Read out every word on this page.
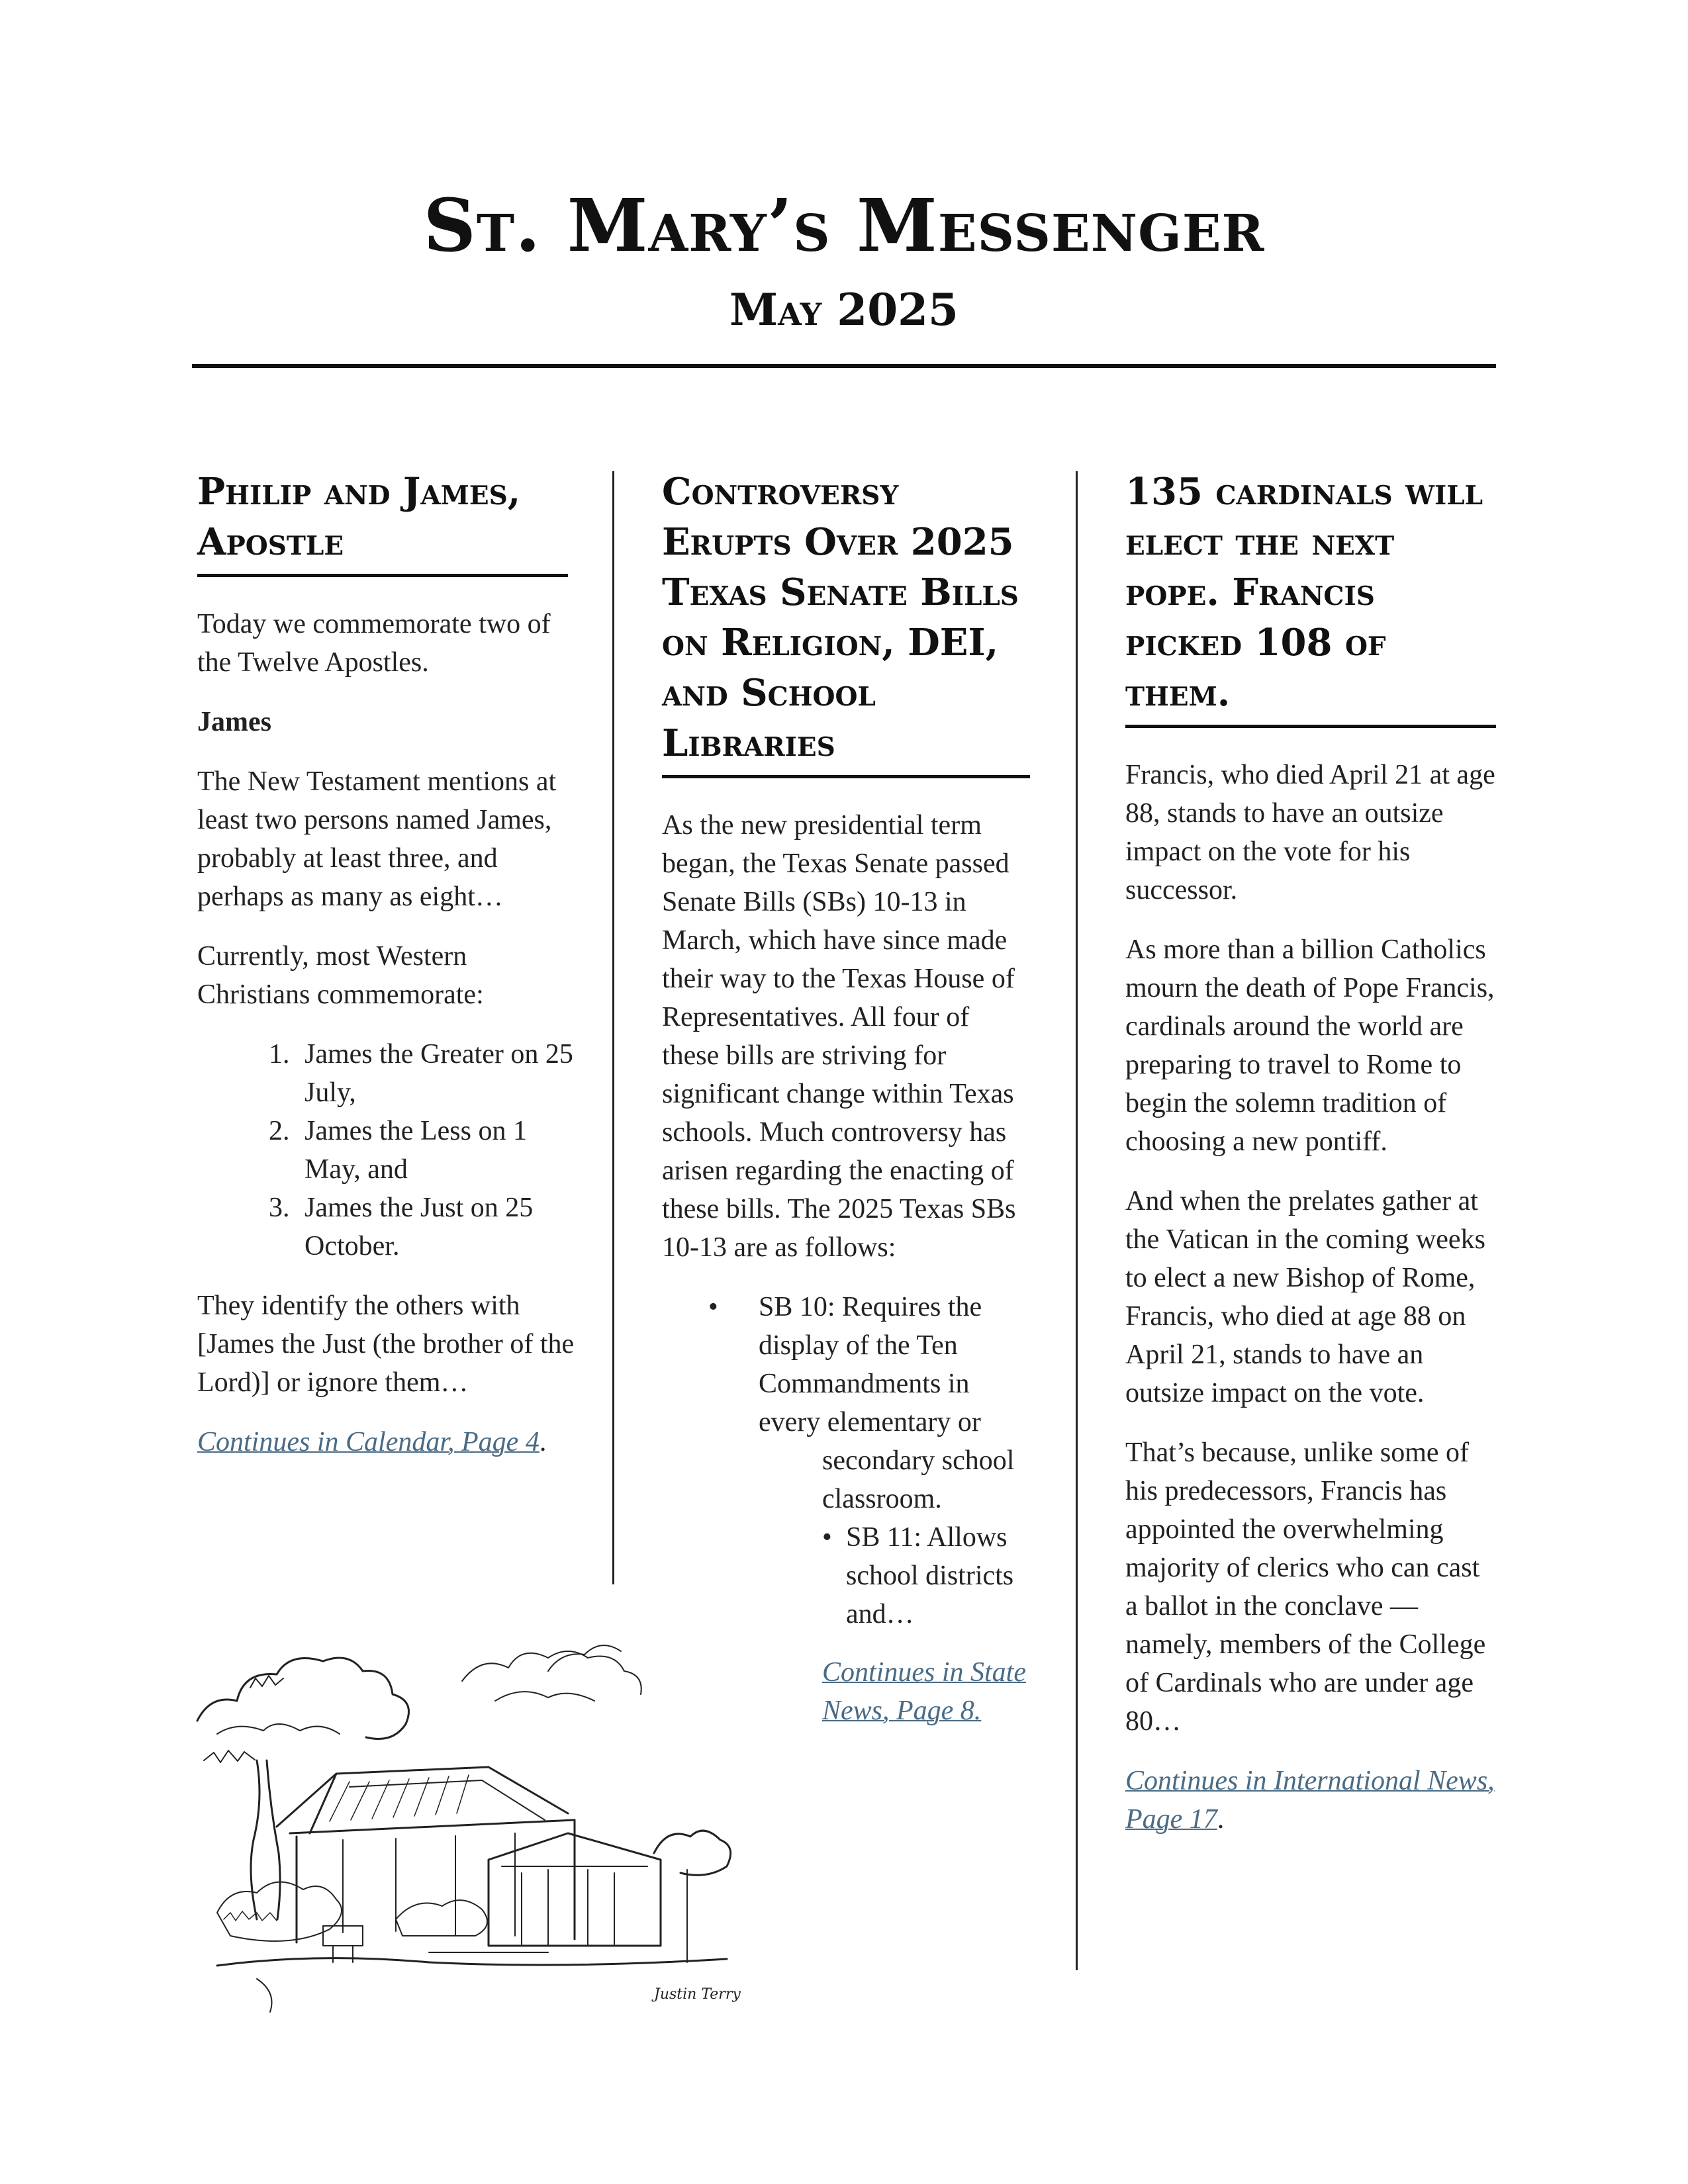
St. Mary’s Messenger
May 2025
Philip and James, Apostle

Today we commemorate two of the Twelve Apostles.

James

The New Testament mentions at least two persons named James, probably at least three, and perhaps as many as eight…

Currently, most Western Christians commemorate:

1. James the Greater on 25 July,
2. James the Less on 1 May, and
3. James the Just on 25 October.

They identify the others with [James the Just (the brother of the Lord)] or ignore them…

Continues in Calendar, Page 4.
Controversy Erupts Over 2025 Texas Senate Bills on Religion, DEI, and School Libraries

As the new presidential term began, the Texas Senate passed Senate Bills (SBs) 10-13 in March, which have since made their way to the Texas House of Representatives. All four of these bills are striving for significant change within Texas schools. Much controversy has arisen regarding the enacting of these bills. The 2025 Texas SBs 10-13 are as follows:

•	SB 10: Requires the display of the Ten Commandments in every elementary or
secondary school classroom.
• SB 11: Allows school districts and…
Continues in State News, Page 8.
135 cardinals will elect the next pope. Francis picked 108 of them.

Francis, who died April 21 at age 88, stands to have an outsize impact on the vote for his successor.

As more than a billion Catholics mourn the death of Pope Francis, cardinals around the world are preparing to travel to Rome to begin the solemn tradition of choosing a new pontiff.

And when the prelates gather at the Vatican in the coming weeks to elect a new Bishop of Rome, Francis, who died at age 88 on April 21, stands to have an outsize impact on the vote.

That’s because, unlike some of his predecessors, Francis has appointed the overwhelming majority of clerics who can cast a ballot in the conclave — namely, members of the College of Cardinals who are under age 80…

Continues in International News, Page 17.
Justin Terry
